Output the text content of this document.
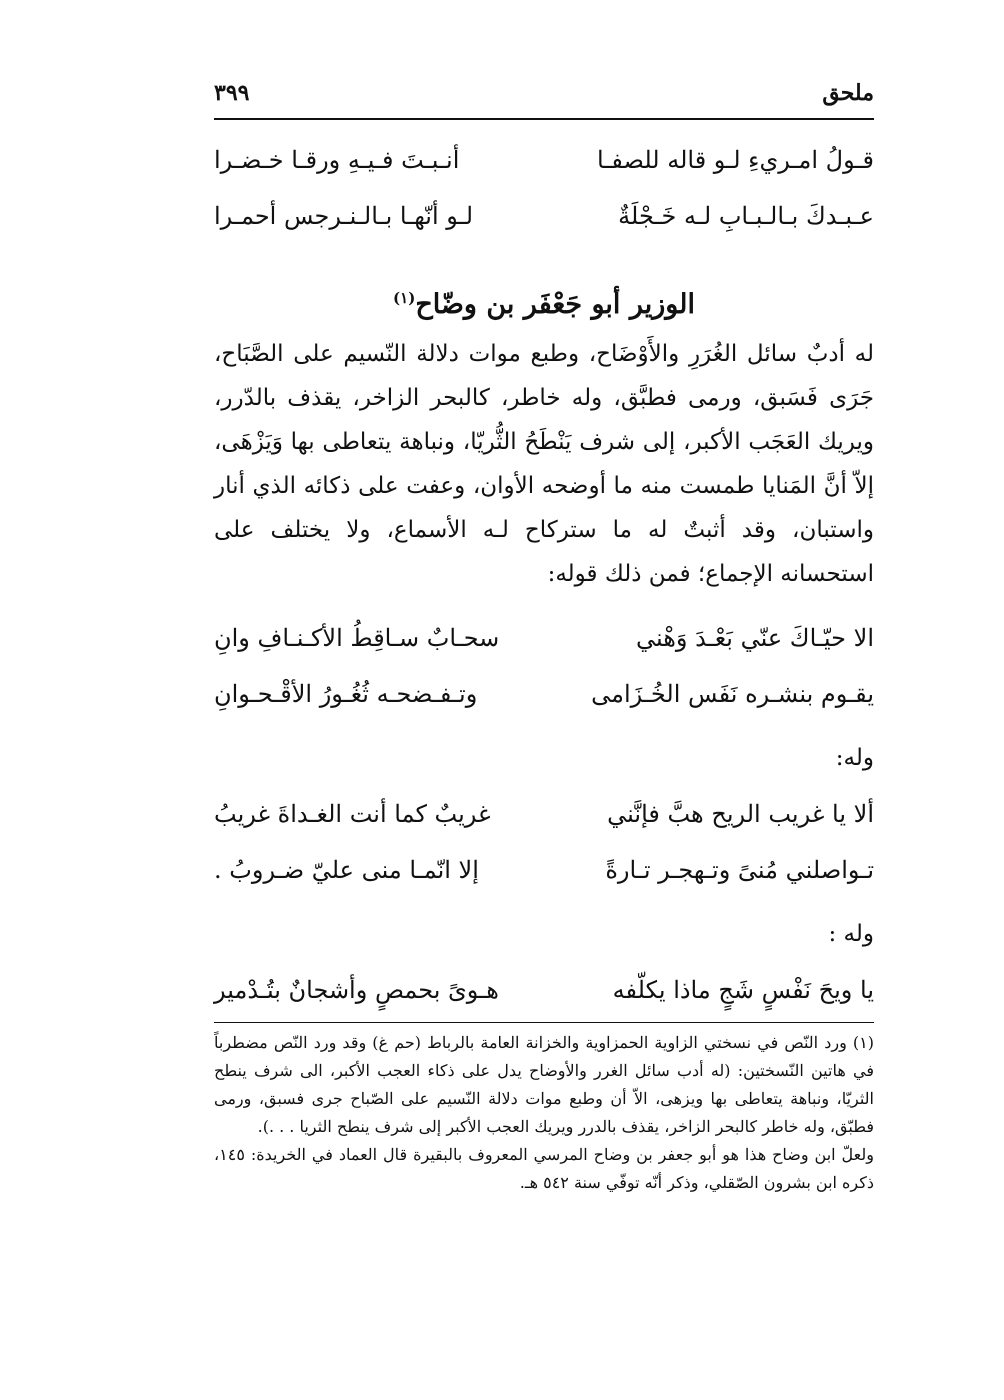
ملحق
٣٩٩
قـولُ امـريءِ لـو قاله للصفـا
أنـبـتَ فـيـهِ ورقـا خـضـرا
عـبـدكَ بـالـبـابِ لـه خَـجْلَةٌ
لـو أنّهـا بـالـنـرجس أحمـرا
الوزير أبو جَعْفَر بن وضّاح$^{(١)}$

له أدبٌ سائل الغُرَرِ والأَوْضَاح، وطبع موات دلالة النّسيم على الصَّبَاح، جَرَى فَسَبق، ورمى فطبَّق، وله خاطر، كالبحر الزاخر، يقذف بالدّرر، ويريك العَجَب الأكبر، إلى شرف يَنْطَحُ الثُّريّا، ونباهة يتعاطى بها وَيَزْهَى، إلاّ أنَّ المَنايا طمست منه ما أوضحه الأوان، وعفت على ذكائه الذي أنار واستبان، وقد أثبتٌ له ما ستركاح لـه الأسماع، ولا يختلف على استحسانه الإجماع؛ فمن ذلك قوله:

الا حيّـاكَ عنّي بَعْـدَ وَهْني
سحـابٌ سـاقِطُ الأكـنـافِ وانِ
يقـوم بنشـره نَفَس الخُـزَامى
وتـفـضحـه ثُغُـورُ الأقْـحـوانِ
وله:
ألا يا غريب الريح هبَّ فإنَّني
غريبٌ كما أنت الغـداةَ غريبُ
تـواصلني مُنىً وتـهجـر تـارةً
إلا انّمـا منى عليّ ضـروبُ .
وله :
يا ويحَ نَفْسٍ شَجٍ ماذا يكلّفه
هـوىً بحمصٍ وأشجانٌ بتُـدْمير

(١) ورد النّص في نسختي الزاوية الحمزاوية والخزانة العامة بالرباط (حم غ) وقد ورد النّص مضطرباً في هاتين النّسختين: (له أدب سائل الغرر والأوضاح يدل على ذكاء العجب الأكبر، الى شرف ينطح الثريّا، ونباهة يتعاطى بها ويزهى، الاّ أن وطبع موات دلالة النّسيم على الصّباح جرى فسبق، ورمى فطبّق، وله خاطر كالبحر الزاخر، يقذف بالدرر ويريك العجب الأكبر إلى شرف ينطح الثريا . . .).

ولعلّ ابن وضاح هذا هو أبو جعفر بن وضاح المرسي المعروف بالبقيرة قال العماد في الخريدة: ١٤٥، ذكره ابن بشرون الصّقلي، وذكر أنّه توفّي سنة ٥٤٢ هـ.
